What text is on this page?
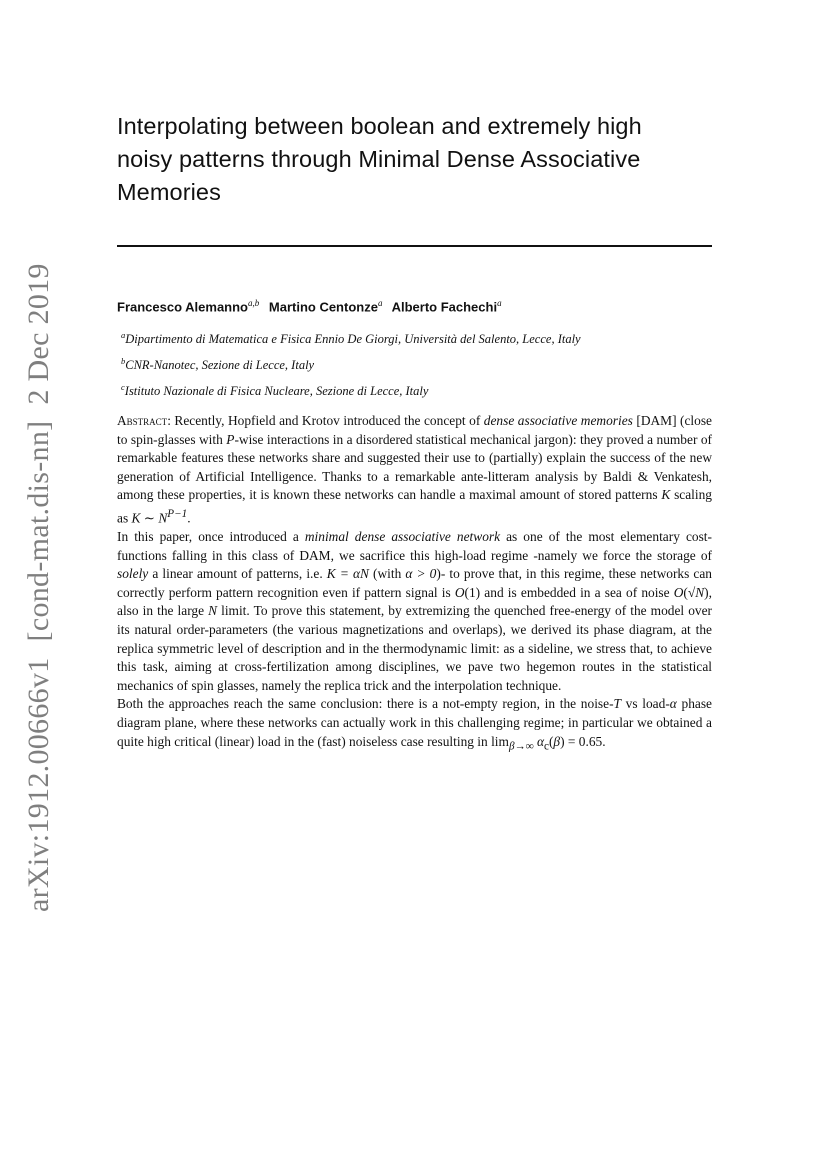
arXiv:1912.00666v1[cond-mat.dis-nn]2 Dec 2019
Interpolating between boolean and extremely high
noisy patterns through Minimal Dense Associative
Memories
Francesco Alemanno$^{a,b}$ Martino Centonze$^a$ Alberto Fachechi$^a$
$^a$Dipartimento di Matematica e Fisica Ennio De Giorgi, Università del Salento, Lecce, Italy
$^b$CNR-Nanotec, Sezione di Lecce, Italy
$^c$Istituto Nazionale di Fisica Nucleare, Sezione di Lecce, Italy

Abstract: Recently, Hopfield and Krotov introduced the concept of dense associative memories [DAM] (close to spin-glasses with P-wise interactions in a disordered statistical mechanical jargon): they proved a number of remarkable features these networks share and suggested their use to (partially) explain the success of the new generation of Artificial Intelligence. Thanks to a remarkable ante-litteram analysis by Baldi & Venkatesh, among these properties, it is known these networks can handle a maximal amount of stored patterns K scaling as K ∼ $N^{P-1}$.

In this paper, once introduced a minimal dense associative network as one of the most elementary cost-functions falling in this class of DAM, we sacrifice this high-load regime -namely we force the storage of solely a linear amount of patterns, i.e. K = αN (with α > 0)- to prove that, in this regime, these networks can correctly perform pattern recognition even if pattern signal is O(1) and is embedded in a sea of noise O(√N), also in the large N limit. To prove this statement, by extremizing the quenched free-energy of the model over its natural order-parameters (the various magnetizations and overlaps), we derived its phase diagram, at the replica symmetric level of description and in the thermodynamic limit: as a sideline, we stress that, to achieve this task, aiming at cross-fertilization among disciplines, we pave two hegemon routes in the statistical mechanics of spin glasses, namely the replica trick and the interpolation technique.

Both the approaches reach the same conclusion: there is a not-empty region, in the noise-T vs load-α phase diagram plane, where these networks can actually work in this challenging regime; in particular we obtained a quite high critical (linear) load in the (fast) noiseless case resulting in $\lim_{\beta\to\infty} \alpha_c(\beta) = 0.65$.
